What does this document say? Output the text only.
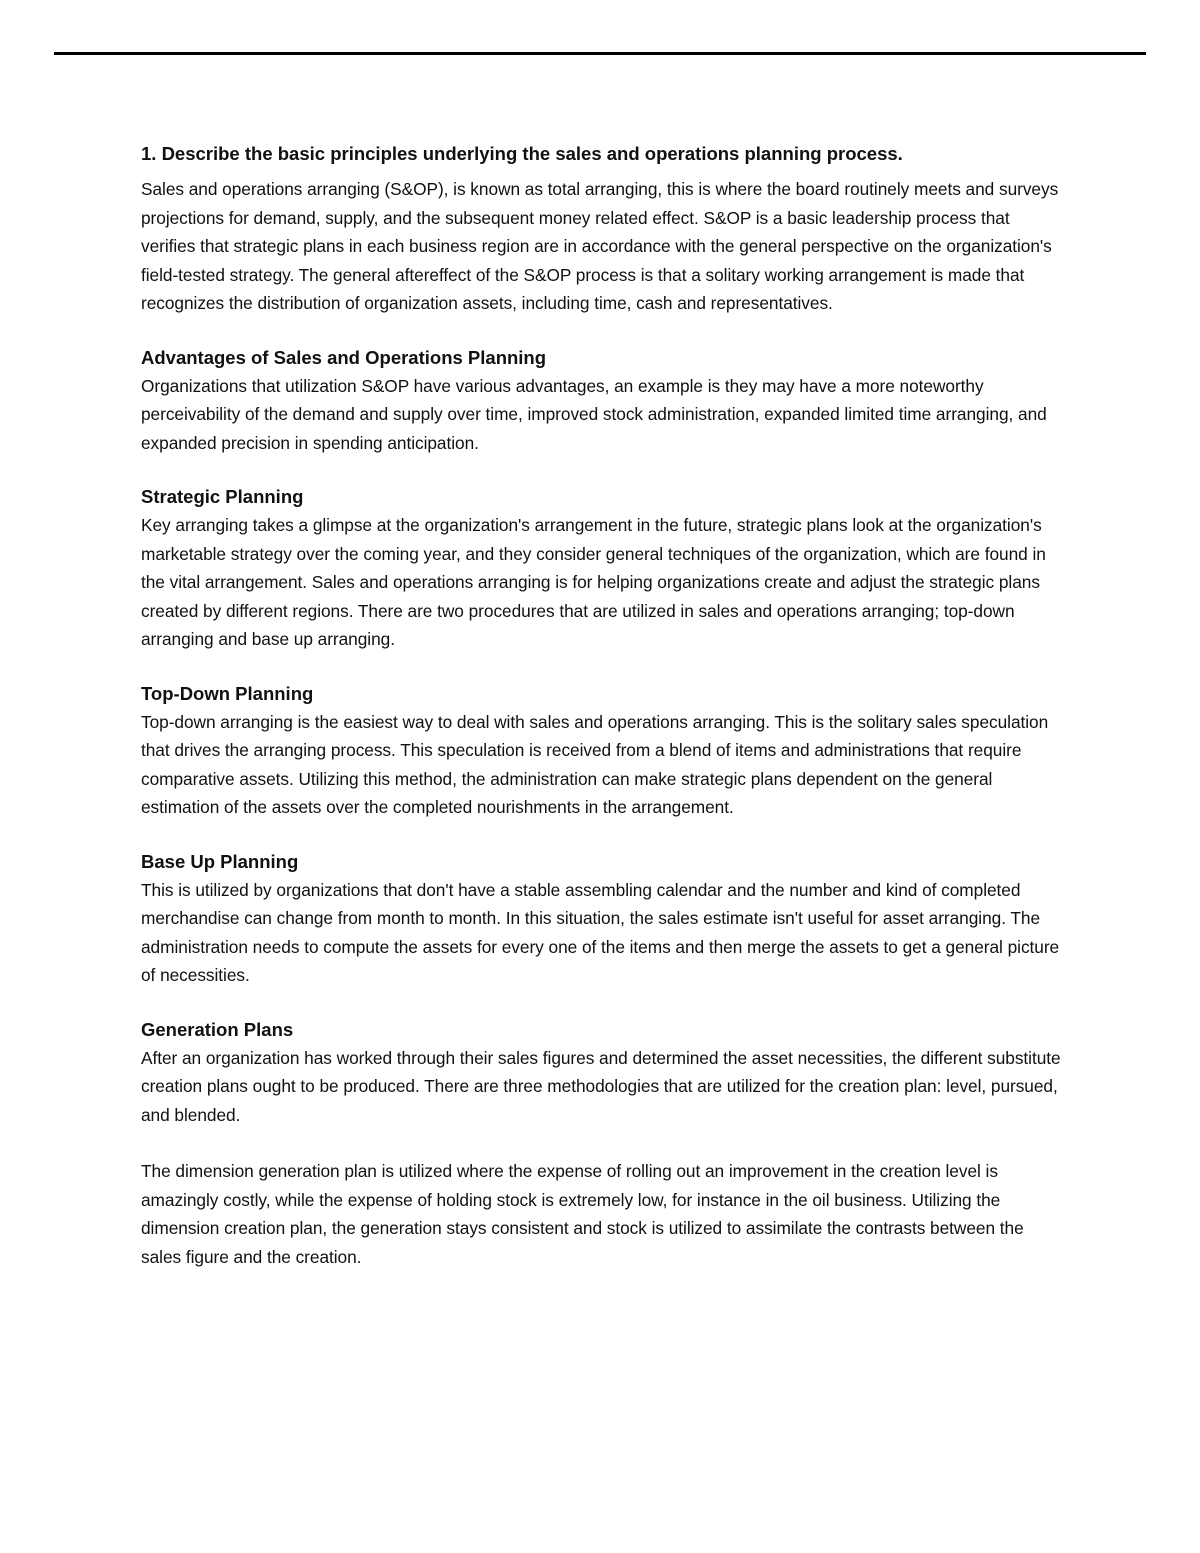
1. Describe the basic principles underlying the sales and operations planning process.

Sales and operations arranging (S&OP), is known as total arranging, this is where the board routinely meets and surveys projections for demand, supply, and the subsequent money related effect. S&OP is a basic leadership process that verifies that strategic plans in each business region are in accordance with the general perspective on the organization's field-tested strategy. The general aftereffect of the S&OP process is that a solitary working arrangement is made that recognizes the distribution of organization assets, including time, cash and representatives.

Advantages of Sales and Operations Planning

Organizations that utilization S&OP have various advantages, an example is they may have a more noteworthy perceivability of the demand and supply over time, improved stock administration, expanded limited time arranging, and expanded precision in spending anticipation.

Strategic Planning

Key arranging takes a glimpse at the organization's arrangement in the future, strategic plans look at the organization's marketable strategy over the coming year, and they consider general techniques of the organization, which are found in the vital arrangement. Sales and operations arranging is for helping organizations create and adjust the strategic plans created by different regions. There are two procedures that are utilized in sales and operations arranging; top-down arranging and base up arranging.

Top-Down Planning

Top-down arranging is the easiest way to deal with sales and operations arranging. This is the solitary sales speculation that drives the arranging process. This speculation is received from a blend of items and administrations that require comparative assets. Utilizing this method, the administration can make strategic plans dependent on the general estimation of the assets over the completed nourishments in the arrangement.

Base Up Planning

This is utilized by organizations that don't have a stable assembling calendar and the number and kind of completed merchandise can change from month to month. In this situation, the sales estimate isn't useful for asset arranging. The administration needs to compute the assets for every one of the items and then merge the assets to get a general picture of necessities.

Generation Plans

After an organization has worked through their sales figures and determined the asset necessities, the different substitute creation plans ought to be produced. There are three methodologies that are utilized for the creation plan: level, pursued, and blended.

The dimension generation plan is utilized where the expense of rolling out an improvement in the creation level is amazingly costly, while the expense of holding stock is extremely low, for instance in the oil business. Utilizing the dimension creation plan, the generation stays consistent and stock is utilized to assimilate the contrasts between the sales figure and the creation.
